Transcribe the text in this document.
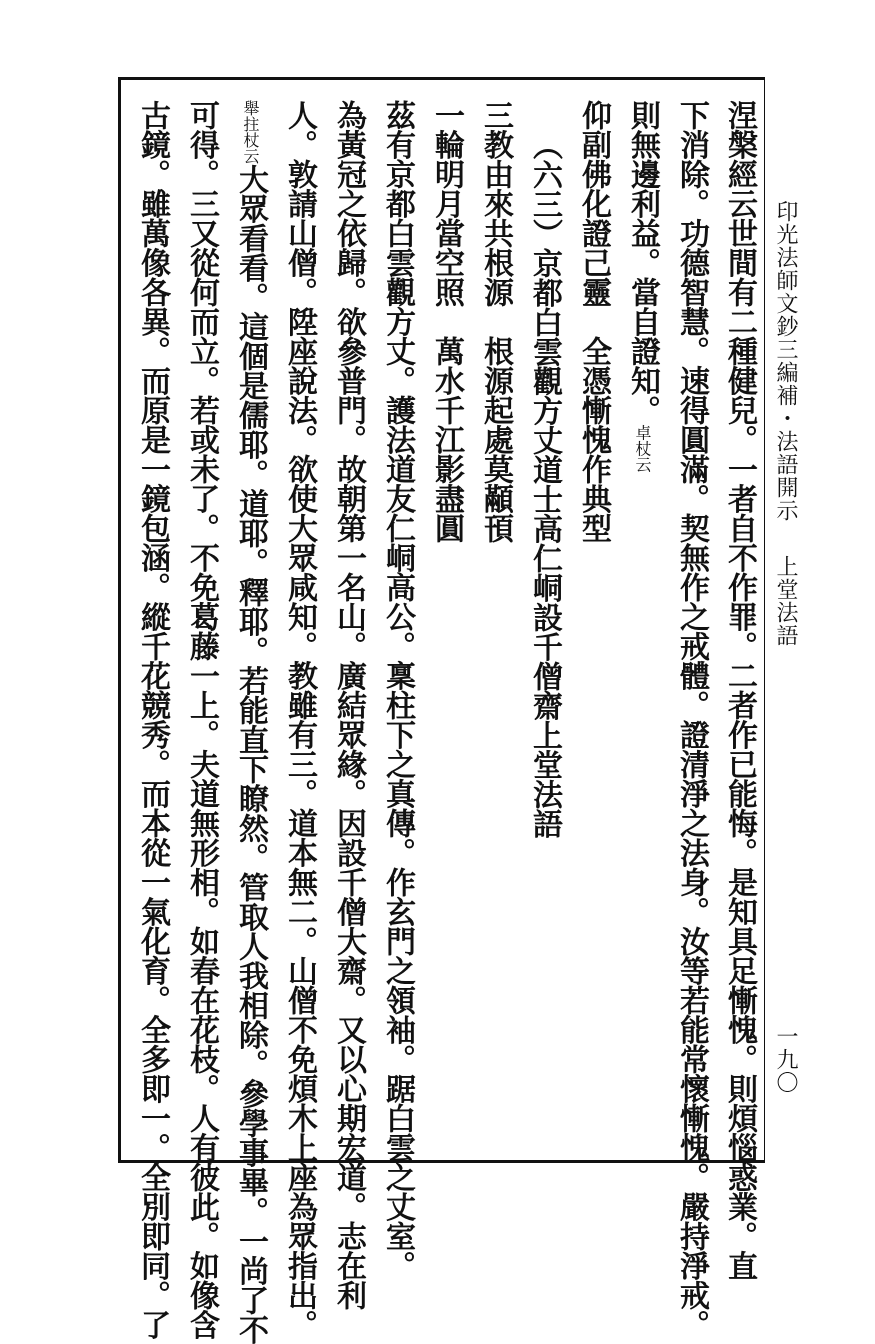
印光法師文鈔三編補・法語開示
上堂法語
一九〇
涅槃經云世間有二種健兒。一者自不作罪。二者作已能悔。是知具足慚愧。則煩惱惑業。直
下消除。功德智慧。速得圓滿。契無作之戒體。證清淨之法身。汝等若能常懷慚愧。嚴持淨戒。
則無邊利益。當自證知。卓杖云
仰副佛化證己靈　全憑慚愧作典型
（六三）京都白雲觀方丈道士高仁峒設千僧齋上堂法語
三教由來共根源　根源起處莫顢頇
一輪明月當空照　萬水千江影盡圓
茲有京都白雲觀方丈。護法道友仁峒高公。稟柱下之真傳。作玄門之領袖。踞白雲之丈室。
為黃冠之依歸。欲參普門。故朝第一名山。廣結眾緣。因設千僧大齋。又以心期宏道。志在利
人。敦請山僧。陞座說法。欲使大眾咸知。教雖有三。道本無二。山僧不免煩木上座為眾指出。
舉拄杖云大眾看看。這個是儒耶。道耶。釋耶。若能直下瞭然。管取人我相除。參學事畢。一尚了不
可得。三又從何而立。若或未了。不免葛藤一上。夫道無形相。如春在花枝。人有彼此。如像含
古鏡。雖萬像各異。而原是一鏡包涵。縱千花競秀。而本從一氣化育。全多即一。全別即同。了
